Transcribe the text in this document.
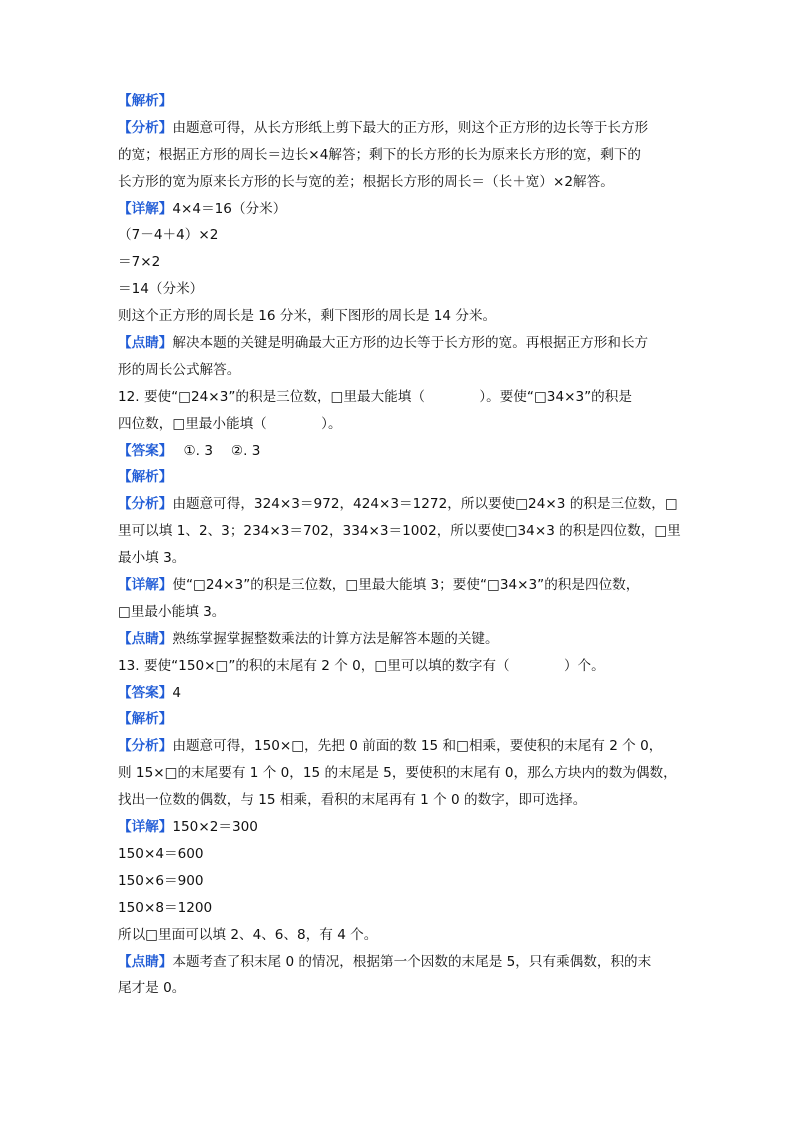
【解析】
【分析】由题意可得，从长方形纸上剪下最大的正方形，则这个正方形的边长等于长方形
的宽；根据正方形的周长＝边长×4解答；剩下的长方形的长为原来长方形的宽，剩下的
长方形的宽为原来长方形的长与宽的差；根据长方形的周长＝（长＋宽）×2解答。
【详解】4×4＝16（分米）
（7－4＋4）×2
＝7×2
＝14（分米）
则这个正方形的周长是 16 分米，剩下图形的周长是 14 分米。
【点睛】解决本题的关键是明确最大正方形的边长等于长方形的宽。再根据正方形和长方
形的周长公式解答。
12. 要使“□24×3”的积是三位数，□里最大能填（　　　　）。要使“□34×3”的积是
四位数，□里最小能填（　　　　）。
【答案】　 ①. 3　 ②. 3
【解析】
【分析】由题意可得，324×3＝972，424×3＝1272，所以要使□24×3 的积是三位数，□
里可以填 1、2、3；234×3＝702，334×3＝1002，所以要使□34×3 的积是四位数，□里
最小填 3。
【详解】使“□24×3”的积是三位数，□里最大能填 3；要使“□34×3”的积是四位数，
□里最小能填 3。
【点睛】熟练掌握掌握整数乘法的计算方法是解答本题的关键。
13. 要使“150×□”的积的末尾有 2 个 0，□里可以填的数字有（　　　　）个。
【答案】4
【解析】
【分析】由题意可得，150×□，先把 0 前面的数 15 和□相乘，要使积的末尾有 2 个 0，
则 15×□的末尾要有 1 个 0，15 的末尾是 5，要使积的末尾有 0，那么方块内的数为偶数，
找出一位数的偶数，与 15 相乘，看积的末尾再有 1 个 0 的数字，即可选择。
【详解】150×2＝300
150×4＝600
150×6＝900
150×8＝1200
所以□里面可以填 2、4、6、8，有 4 个。
【点睛】本题考查了积末尾 0 的情况，根据第一个因数的末尾是 5，只有乘偶数，积的末
尾才是 0。
